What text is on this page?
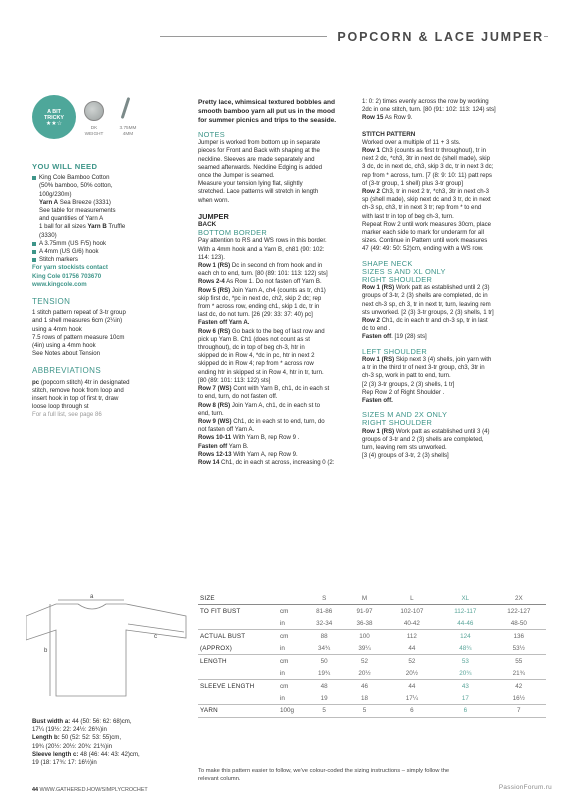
POPCORN & LACE JUMPER
A BIT
TRICKY
★★☆
DK
WEIGHT
3.75MM
4MM
YOU WILL NEED
King Cole Bamboo Cotton
(50% bamboo, 50% cotton,
100g/230m)
Yarn A Sea Breeze (3331)
See table for measurements
and quantities of Yarn A
1 ball for all sizes Yarn B Truffle
(3330)
A 3.75mm (US F/5) hook
A 4mm (US G/6) hook
Stitch markers
For yarn stockists contact
King Cole 01756 703670
www.kingcole.com
TENSION
1 stitch pattern repeat of 3-tr group
and 1 shell measures 6cm (2¼in)
using a 4mm hook
7.5 rows of pattern measure 10cm
(4in) using a 4mm hook
See Notes about Tension
ABBREVIATIONS
pc (popcorn stitch) 4tr in designated
stitch, remove hook from loop and
insert hook in top of first tr, draw
loose loop through st
For a full list, see page 86
Pretty lace, whimsical textured bobbles and
smooth bamboo yarn all put us in the mood
for summer picnics and trips to the seaside.
NOTES
Jumper is worked from bottom up in separate
pieces for Front and Back with shaping at the
neckline. Sleeves are made separately and
seamed afterwards. Neckline Edging is added
once the Jumper is seamed.
Measure your tension lying flat, slightly
stretched. Lace patterns will stretch in length
when worn.
JUMPER
BACK
BOTTOM BORDER
Pay attention to RS and WS rows in this border.
With a 4mm hook and a Yarn B, ch81 (90: 102:
114: 123).
Row 1 (RS) Dc in second ch from hook and in
each ch to end, turn. [80 (89: 101: 113: 122) sts]
Rows 2-4 As Row 1. Do not fasten off Yarn B.
Row 5 (RS) Join Yarn A, ch4 (counts as tr, ch1)
skip first dc, *pc in next dc, ch2, skip 2 dc; rep
from * across row, ending ch1, skip 1 dc, tr in
last dc, do not turn. [26 (29: 33: 37: 40) pc]
Fasten off Yarn A.
Row 6 (RS) Go back to the beg of last row and
pick up Yarn B. Ch1 (does not count as st
throughout), dc in top of beg ch-3, htr in
skipped dc in Row 4, *dc in pc, htr in next 2
skipped dc in Row 4; rep from * across row
ending htr in skipped st in Row 4, htr in tr, turn.
[80 (89: 101: 113: 122) sts]
Row 7 (WS) Cont with Yarn B, ch1, dc in each st
to end, turn, do not fasten off.
Row 8 (RS) Join Yarn A, ch1, dc in each st to
end, turn.
Row 9 (WS) Ch1, dc in each st to end, turn, do
not fasten off Yarn A.
Rows 10-11 With Yarn B, rep Row 9 .
Fasten off Yarn B.
Rows 12-13 With Yarn A, rep Row 9.
Row 14 Ch1, dc in each st across, increasing 0 (2:
1: 0: 2) times evenly across the row by working
2dc in one stitch, turn. [80 (91: 102: 113: 124) sts]
Row 15 As Row 9.
STITCH PATTERN
Worked over a multiple of 11 + 3 sts.
Row 1 Ch3 (counts as first tr throughout), tr in
next 2 dc, *ch3, 3tr in next dc (shell made), skip
3 dc, dc in next dc, ch3, skip 3 dc, tr in next 3 dc;
rep from * across, turn. [7 (8: 9: 10: 11) patt reps
of (3-tr group, 1 shell) plus 3-tr group]
Row 2 Ch3, tr in next 2 tr, *ch3, 3tr in next ch-3
sp (shell made), skip next dc and 3 tr, dc in next
ch-3 sp, ch3, tr in next 3 tr; rep from * to end
with last tr in top of beg ch-3, turn.
Repeat Row 2 until work measures 30cm, place
marker each side to mark for underarm for all
sizes. Continue in Pattern until work measures
47 (49: 49: 50: 52)cm, ending with a WS row.
SHAPE NECK
SIZES S AND XL ONLY
RIGHT SHOULDER
Row 1 (RS) Work patt as established until 2 (3)
groups of 3-tr, 2 (3) shells are completed, dc in
next ch-3 sp, ch 3, tr in next tr, turn, leaving rem
sts unworked. [2 (3) 3-tr groups, 2 (3) shells, 1 tr]
Row 2 Ch1, dc in each tr and ch-3 sp, tr in last
dc to end .
Fasten off. [19 (28) sts]
LEFT SHOULDER
Row 1 (RS) Skip next 3 (4) shells, join yarn with
a tr in the third tr of next 3-tr group, ch3, 3tr in
ch-3 sp, work in patt to end, turn.
[2 (3) 3-tr groups, 2 (3) shells, 1 tr]
Rep Row 2 of Right Shoulder .
Fasten off.
SIZES M AND 2X ONLY
RIGHT SHOULDER
Row 1 (RS) Work patt as established until 3 (4)
groups of 3-tr and 2 (3) shells are completed,
turn, leaving rem sts unworked.
[3 (4) groups of 3-tr, 2 (3) shells]
a
b
c
Bust width a: 44 (50: 56: 62: 68)cm,
17¼ (19½: 22: 24½: 26¾)in
Length b: 50 (52: 52: 53: 55)cm,
19¾ (20½: 20½: 20¾: 21¾)in
Sleeve length c: 48 (46: 44: 43: 42)cm,
19 (18: 17¾: 17: 16½)in
SIZE		S	M	L	XL	2X
TO FIT BUST	cm	81-86	91-97	102-107	112-117	122-127
	in	32-34	36-38	40-42	44-46	48-50
ACTUAL BUST	cm	88	100	112	124	136
(APPROX)	in	34¾	39¼	44	48¾	53½
LENGTH	cm	50	52	52	53	55
	in	19¾	20½	20½	20¾	21¾
SLEEVE LENGTH	cm	48	46	44	43	42
	in	19	18	17¼	17	16½
YARN	100g	5	5	6	6	7
To make this pattern easier to follow, we've colour-coded the sizing instructions – simply follow the
relevant column.
44 WWW.GATHERED.HOW/SIMPLYCROCHET	PassionForum.ru
